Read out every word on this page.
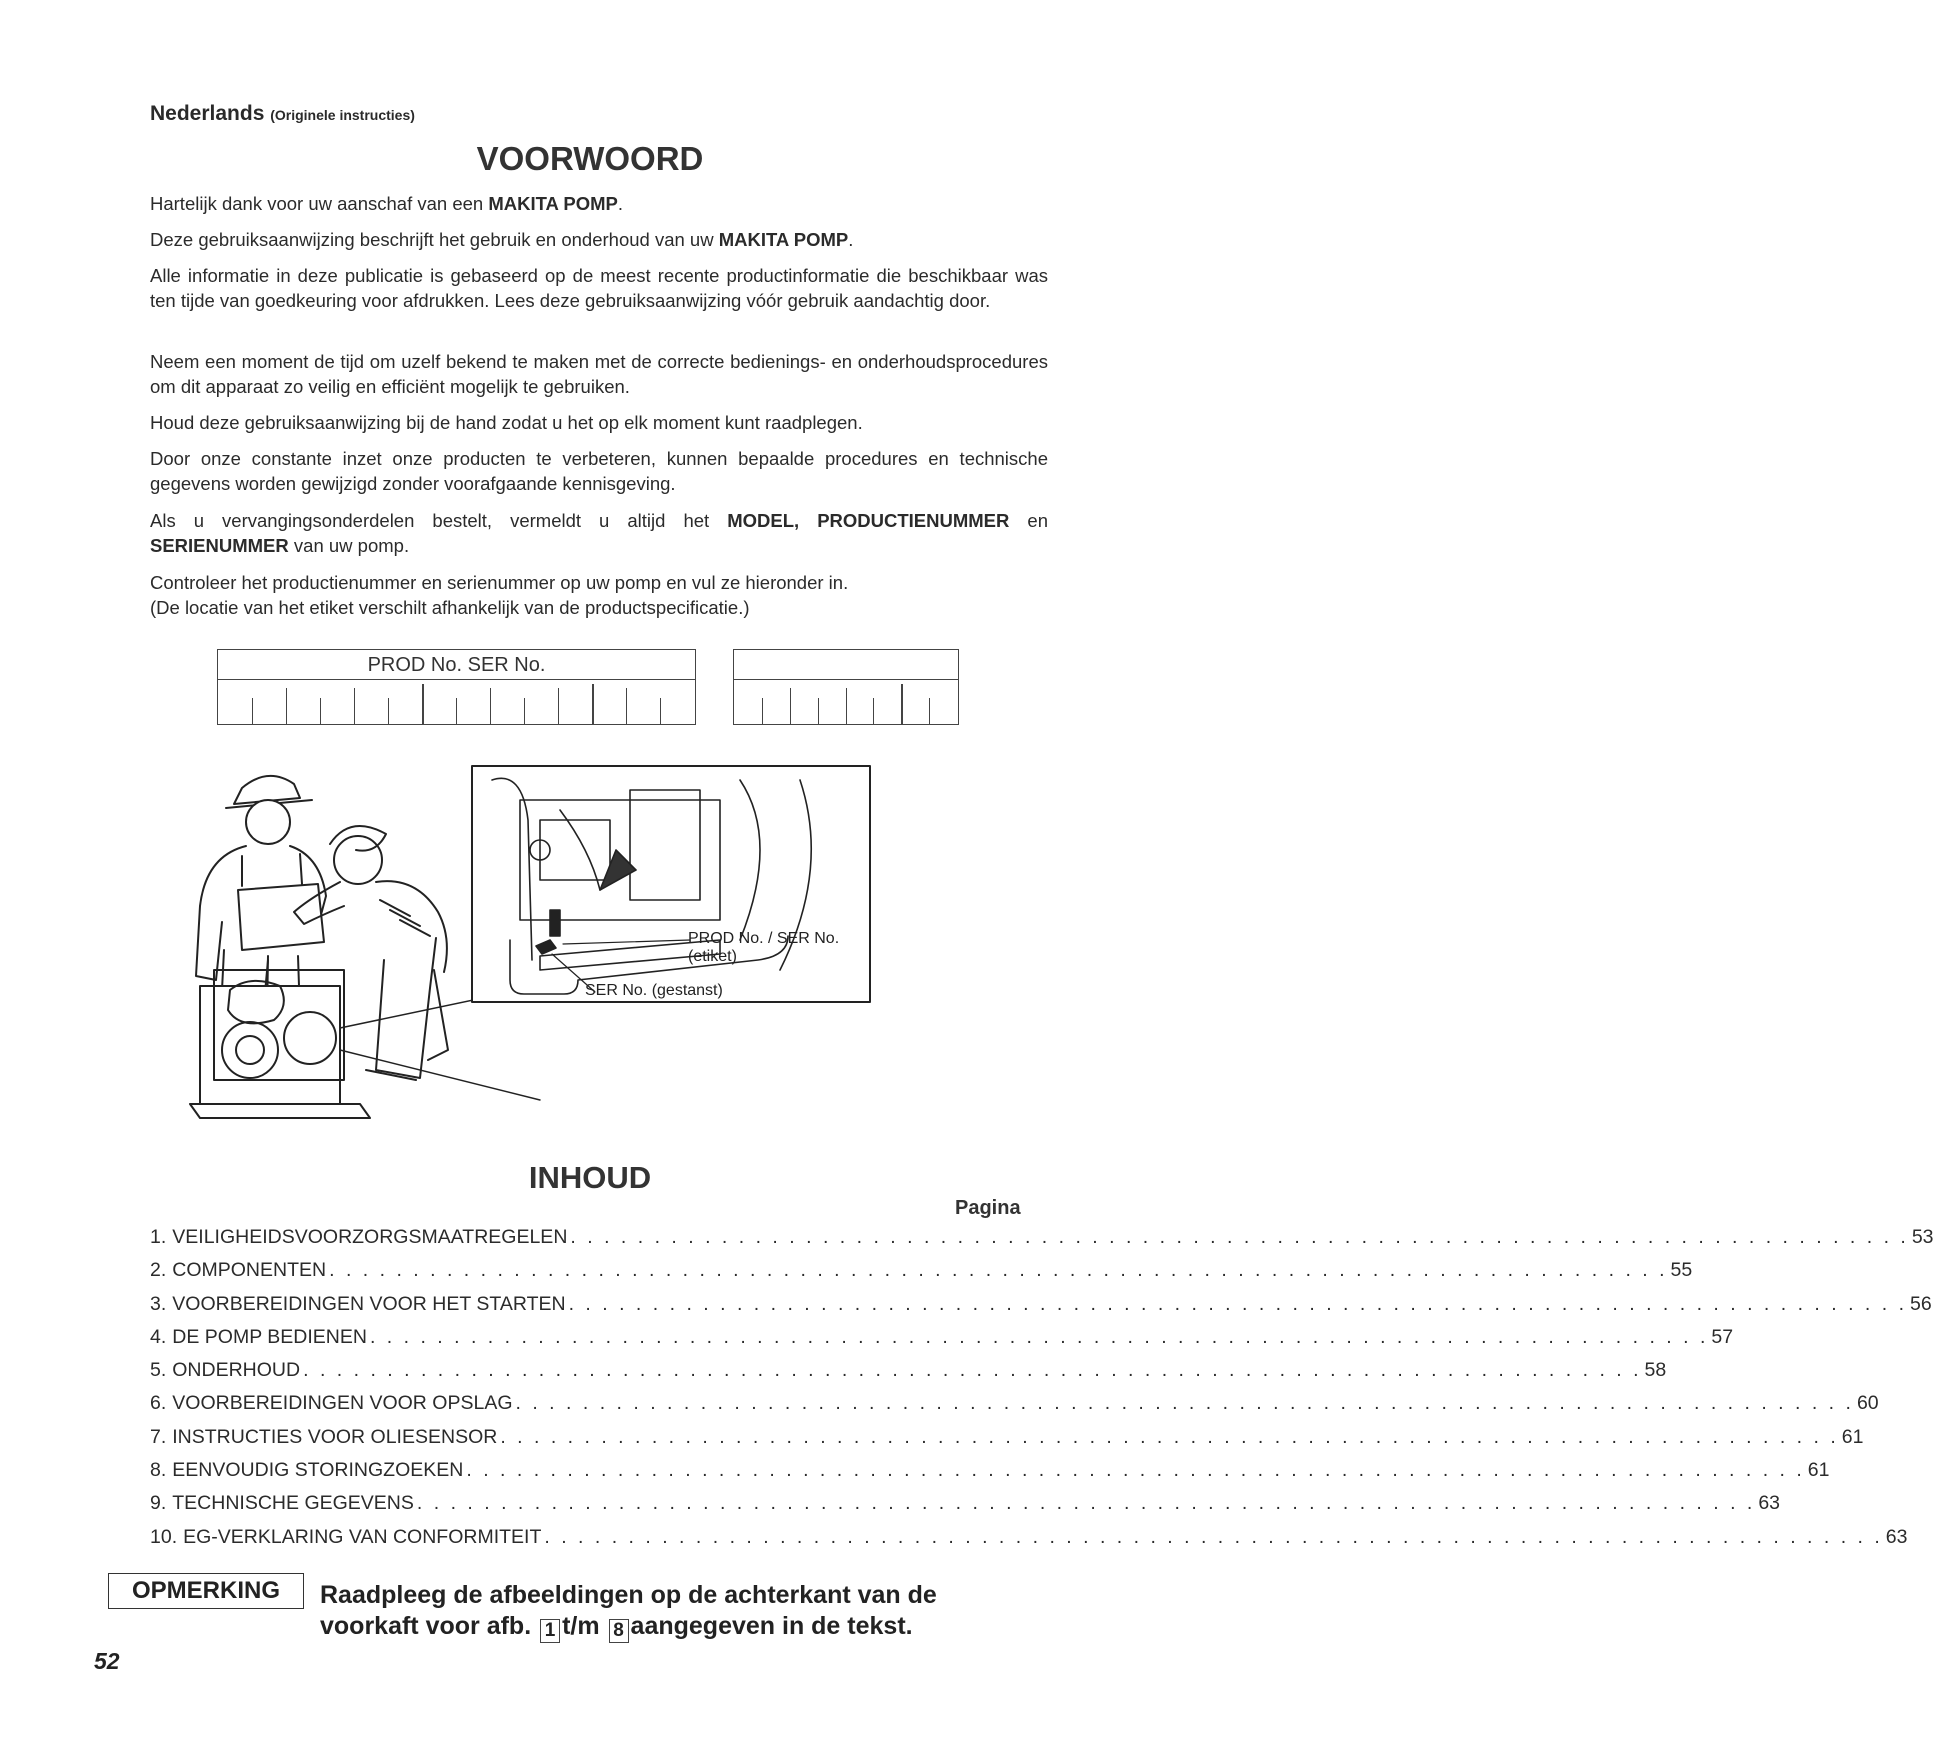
Nederlands (Originele instructies)
VOORWOORD
Hartelijk dank voor uw aanschaf van een MAKITA POMP.
Deze gebruiksaanwijzing beschrijft het gebruik en onderhoud van uw MAKITA POMP.
Alle informatie in deze publicatie is gebaseerd op de meest recente productinformatie die beschikbaar was ten tijde van goedkeuring voor afdrukken. Lees deze gebruiksaanwijzing vóór gebruik aandachtig door.
Neem een moment de tijd om uzelf bekend te maken met de correcte bedienings- en onderhoudsprocedures om dit apparaat zo veilig en efficiënt mogelijk te gebruiken.
Houd deze gebruiksaanwijzing bij de hand zodat u het op elk moment kunt raadplegen.
Door onze constante inzet onze producten te verbeteren, kunnen bepaalde procedures en technische gegevens worden gewijzigd zonder voorafgaande kennisgeving.
Als u vervangingsonderdelen bestelt, vermeldt u altijd het MODEL, PRODUCTIENUMMER en SERIENUMMER van uw pomp.
Controleer het productienummer en serienummer op uw pomp en vul ze hieronder in.
(De locatie van het etiket verschilt afhankelijk van de productspecificatie.)
PROD No. SER No.
PROD No. / SER No.
(etiket)
SER No. (gestanst)
INHOUD
Pagina
1. VEILIGHEIDSVOORZORGSMAATREGELEN . . . . . . . . . . . . . . . . . . . . . . . . . . . . . . . . . . . . . . . . . . . . . . . . . . . . . . . . . . . . . . . . . . . . . . . . . . . . . . . . 53
2. COMPONENTEN . . . . . . . . . . . . . . . . . . . . . . . . . . . . . . . . . . . . . . . . . . . . . . . . . . . . . . . . . . . . . . . . . . . . . . . . . . . . . . . . 55
3. VOORBEREIDINGEN VOOR HET STARTEN . . . . . . . . . . . . . . . . . . . . . . . . . . . . . . . . . . . . . . . . . . . . . . . . . . . . . . . . . . . . . . . . . . . . . . . . . . . . . . . . 56
4. DE POMP BEDIENEN . . . . . . . . . . . . . . . . . . . . . . . . . . . . . . . . . . . . . . . . . . . . . . . . . . . . . . . . . . . . . . . . . . . . . . . . . . . . . . . . 57
5. ONDERHOUD . . . . . . . . . . . . . . . . . . . . . . . . . . . . . . . . . . . . . . . . . . . . . . . . . . . . . . . . . . . . . . . . . . . . . . . . . . . . . . . . 58
6. VOORBEREIDINGEN VOOR OPSLAG . . . . . . . . . . . . . . . . . . . . . . . . . . . . . . . . . . . . . . . . . . . . . . . . . . . . . . . . . . . . . . . . . . . . . . . . . . . . . . . . 60
7. INSTRUCTIES VOOR OLIESENSOR . . . . . . . . . . . . . . . . . . . . . . . . . . . . . . . . . . . . . . . . . . . . . . . . . . . . . . . . . . . . . . . . . . . . . . . . . . . . . . . . 61
8. EENVOUDIG STORINGZOEKEN . . . . . . . . . . . . . . . . . . . . . . . . . . . . . . . . . . . . . . . . . . . . . . . . . . . . . . . . . . . . . . . . . . . . . . . . . . . . . . . . 61
9. TECHNISCHE GEGEVENS . . . . . . . . . . . . . . . . . . . . . . . . . . . . . . . . . . . . . . . . . . . . . . . . . . . . . . . . . . . . . . . . . . . . . . . . . . . . . . . . 63
10. EG-VERKLARING VAN CONFORMITEIT . . . . . . . . . . . . . . . . . . . . . . . . . . . . . . . . . . . . . . . . . . . . . . . . . . . . . . . . . . . . . . . . . . . . . . . . . . . . . . . . 63
OPMERKING	Raadpleeg de afbeeldingen op de achterkant van de
voorkaft voor afb. 1 t/m 8 aangegeven in de tekst.
52
